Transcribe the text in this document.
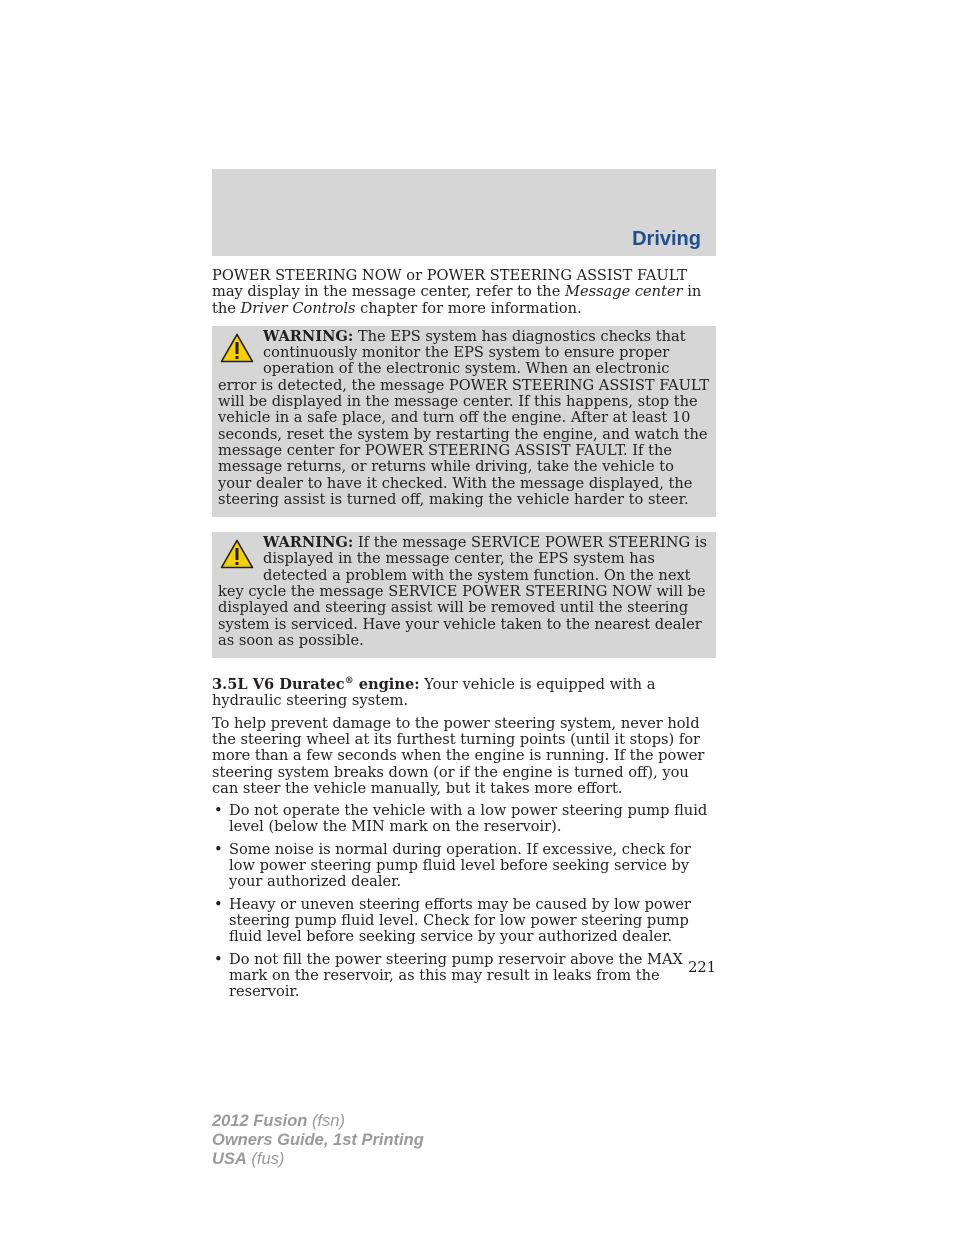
Driving

POWER STEERING NOW or POWER STEERING ASSIST FAULT may display in the message center, refer to the Message center in the Driver Controls chapter for more information.

WARNING: The EPS system has diagnostics checks that continuously monitor the EPS system to ensure proper operation of the electronic system. When an electronic error is detected, the message POWER STEERING ASSIST FAULT will be displayed in the message center. If this happens, stop the vehicle in a safe place, and turn off the engine. After at least 10 seconds, reset the system by restarting the engine, and watch the message center for POWER STEERING ASSIST FAULT. If the message returns, or returns while driving, take the vehicle to your dealer to have it checked. With the message displayed, the steering assist is turned off, making the vehicle harder to steer.
WARNING: If the message SERVICE POWER STEERING is displayed in the message center, the EPS system has detected a problem with the system function. On the next key cycle the message SERVICE POWER STEERING NOW will be displayed and steering assist will be removed until the steering system is serviced. Have your vehicle taken to the nearest dealer as soon as possible.

3.5L V6 Duratec® engine: Your vehicle is equipped with a hydraulic steering system.

To help prevent damage to the power steering system, never hold the steering wheel at its furthest turning points (until it stops) for more than a few seconds when the engine is running. If the power steering system breaks down (or if the engine is turned off), you can steer the vehicle manually, but it takes more effort.

• Do not operate the vehicle with a low power steering pump fluid level (below the MIN mark on the reservoir).
• Some noise is normal during operation. If excessive, check for low power steering pump fluid level before seeking service by your authorized dealer.
• Heavy or uneven steering efforts may be caused by low power steering pump fluid level. Check for low power steering pump fluid level before seeking service by your authorized dealer.
• Do not fill the power steering pump reservoir above the MAX mark on the reservoir, as this may result in leaks from the reservoir.
221
2012 Fusion (fsn)
Owners Guide, 1st Printing
USA (fus)
